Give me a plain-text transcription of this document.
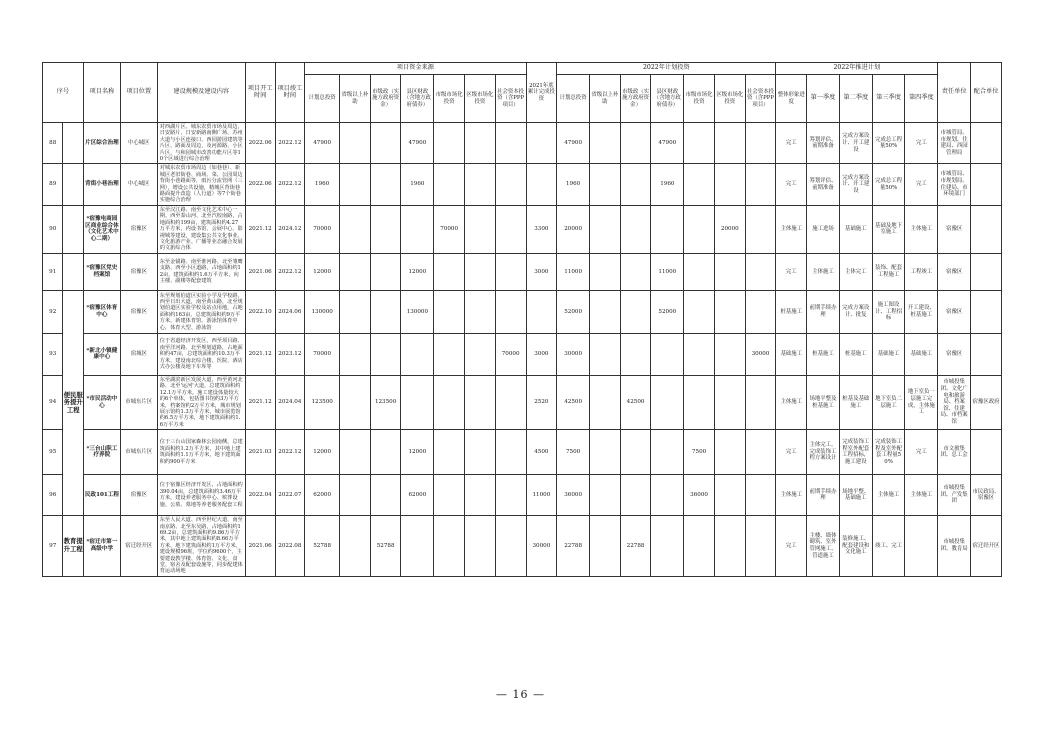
序号		项目名称	项目位置	建设规模及建设内容	项目开工时间	项目竣工时间	项目资金来源							2021年底累计完成投资	2022年计划投资							2022年推进计划					责任单位	配合单位
							计划总投资	省级以上补助	市级政（实施方政府资金）	县区财政（含地方政府债券）	市级市场化投资	区级市场化投资	社会资本投资（含PPP项目）		计划总投资	省级以上补助	市级政（实施方政府资金）	县区财政（含地方政府债券）	市级市场化投资	区级市场化投资	社会资本投资（含PPP项目）	整体形象进度	第一季度	第二季度	第三季度	第四季度		
88		片区综合治理	中心城区	对西湖片区、城东农贸市场及周边、日安路片、日安新路南侧广场、苏州大道与小区连接口、西园游园建筑等片区、路面及周边，及河源路、小区片区，与和园城市改善功能片区等10个区域进行综合治理	2022.06	2022.12	47900			47900					47900			47900				完工	筹划评估、前期准备	完成方案设计、开工建设	完成总工程量50%	完工	市城管局、市规划、住建局、西园管理局	
89		背街小巷治理	中心城区	对城东农贸市场周边（如巷巷）、新城区老旧街巷、商场、菜、公园周边背街小巷路面等，雨污分流管网（三网），增设公共设施，精城区背街巷路面提升改造（人行道）等7个街巷实施综合治理	2022.06	2022.12	1960			1960					1960			1960				完工	筹划评估、前期准备	完成方案设计、开工建设	完成总工程量50%	完工	市城管局、市规划局、住建局、市环境部门	
90		*宿豫电商园区商业综合体（文化艺术中心二期）	宿豫区	东至汉江路、南至文化艺术中心一期、西至泰山河、北至汽校南路，占地面积约199亩，建筑面积约4.27万平方米，内设书馆、会展中心、影视城等建设，建设集公共文化事业、文化旅游产业、广播等业态融合发展的文旅综合体	2021.12	2024.12	70000				70000			3300	20000					20000		主体施工	施工进场	基础施工	基础及地下室施工	主体施工	宿豫区	
91		*宿豫区党史档案馆	宿豫区	东至金锚路、南至淮河路、北至雏鹰支路、西至小区道路，占地面积约12亩，建筑面积约1.6万平方米，向主楼、副楼等配套建筑	2021.06	2022.12	12000			12000				3000	11000			11000				完工	主体施工	主体完工	装饰、配套工程施工	工程竣工	宿豫区	
92	便民服务提升工程	*宿豫区体育中心	宿豫区	东至规划伯道区实验小学及学校路，西至日出大道，南至黄山路，北至规划伯道区实验学校及站点用地，占地面积约163亩，总建筑面积约9万平方米，新建体育馆、游泳馆体育中心，体育大型、游泳馆	2022.10	2024.06	130000			130000					52000			52000				桩基施工	前期手续办理	完成方案设计、批复	施工图设计、工程招标	开工建设、桩基施工	宿豫区	
93		*新北小镇健康中心	宿城区	位于省道经济开发区，西至项目路、南至洋河路、北至规划道路，占地面积约47亩，总建筑面积约10.3万平方米，建设南北综合楼、医院、酒店式办公楼及地下车库等	2021.12	2023.12	70000						70000	3000	30000						30000	基础施工	桩基施工	桩基施工	基础施工	基础施工	宿豫区	
94		*市民活动中心	市城东片区	东至湖滨新区发展大道、西至黄河北路、北至'运河'大道，总建筑面积约12.1万平方米。施工建设体量较大的6个单体，包括图书馆约3万平方米，档案馆约2万平方米，城市规划展示馆约1.3万平方米，城市展览馆约6.5万平方米，地下建筑面积约1.6万平方米	2021.12	2024.04	123500		123500					2520	42500		42500					主体施工	场地平整及桩基施工	桩基及基础施工	地下室负二层施工	地下室负一层施工完成，主体施工	市城投集团、文化广电和旅游局、档案馆、住建局、市档案馆	宿豫区政府
95		*三台山职工疗养院	市城东片区	位于三台山国家森林公园南侧，总建筑面积约1.2万平方米，其中地上建筑面积约1.1万平方米，地下建筑面积约900平方米	2021.03	2022.12	12000			12000				4500	7500				7500			完工	主体完工，完成装饰工程方案设计	完成装饰工程室外配套工程招标，施工建设	完成装饰工程及室外配套工程量50%	完工	市文旅集团、总工会	
96		民政101工程	宿豫区	位于宿豫区经济开发区，占地面积约390.04亩，总建筑面积约3.46万平方米，建设养老服务中心、殡葬设施、公墓、墓地等养老服务配套工程	2022.04	2022.07	62000			62000				11000	36000				36000			主体施工	前期手续办理	场地平整、基础施工	主体施工	主体施工	市城投集团、产发集团	市民政局、宿豫区
97	教育提升工程	*宿迁市第一高级中学	宿迁经开区	东至人民大道、西至世纪大道、南至南京路、北至东吴路，占地面积约169.2亩，总建筑面积约9.86万平方米，其中地上建筑面积约8.66万平方米，地下建筑面积约1万平方米，建设规模96班，学位约9600个，主要建设教学楼、体育馆、文化、食堂、宿舍及配套设施等，同步配建体育运动场地	2021.06	2022.08	52788		52788					30000	22788		22788					完工	主楼、墙体砌筑、室外管网施工、管道施工	装修施工、配套建设和文化施工	竣工、完工		市城投集团、教育局	宿迁经开区
— 16 —
